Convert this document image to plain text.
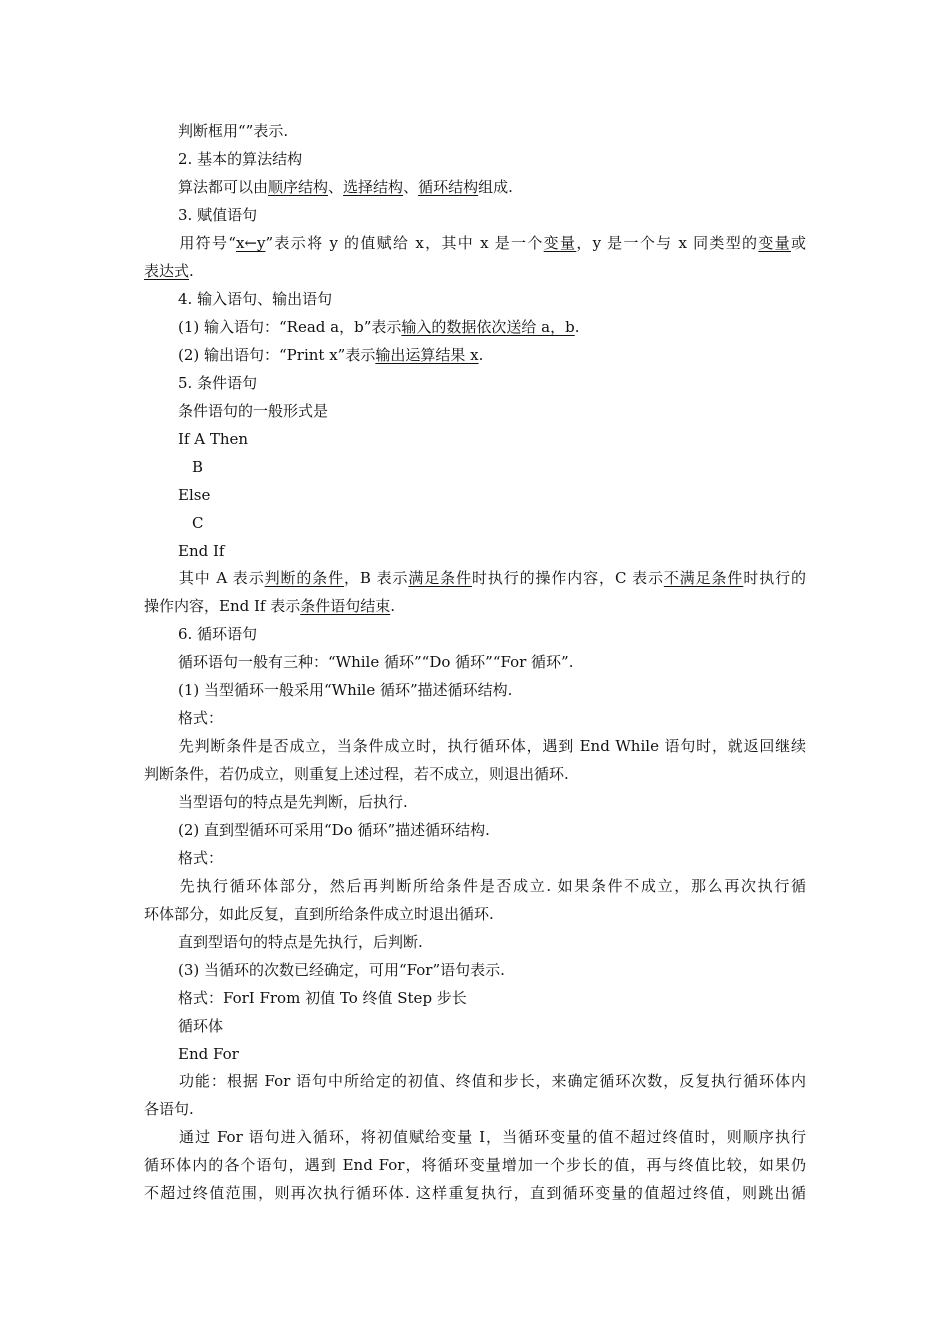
判断框用“”表示.
2. 基本的算法结构
算法都可以由顺序结构、选择结构、循环结构组成.
3. 赋值语句
用符号“x←y”表示将 y 的值赋给 x，其中 x 是一个变量，y 是一个与 x 同类型的变量或
表达式.
4. 输入语句、输出语句
(1) 输入语句：“Read a，b”表示输入的数据依次送给 a，b.
(2) 输出语句：“Print x”表示输出运算结果 x.
5. 条件语句
条件语句的一般形式是
If A Then
B
Else
C
End If
其中 A 表示判断的条件，B 表示满足条件时执行的操作内容，C 表示不满足条件时执行的
操作内容，End If 表示条件语句结束.
6. 循环语句
循环语句一般有三种：“While 循环”“Do 循环”“For 循环”.
(1) 当型循环一般采用“While 循环”描述循环结构.
格式：
先判断条件是否成立，当条件成立时，执行循环体，遇到 End While 语句时，就返回继续
判断条件，若仍成立，则重复上述过程，若不成立，则退出循环.
当型语句的特点是先判断，后执行.
(2) 直到型循环可采用“Do 循环”描述循环结构.
格式：
先执行循环体部分，然后再判断所给条件是否成立. 如果条件不成立，那么再次执行循
环体部分，如此反复，直到所给条件成立时退出循环.
直到型语句的特点是先执行，后判断.
(3) 当循环的次数已经确定，可用“For”语句表示.
格式：ForI From 初值 To 终值 Step 步长
循环体
End For
功能：根据 For 语句中所给定的初值、终值和步长，来确定循环次数，反复执行循环体内
各语句.
通过 For 语句进入循环，将初值赋给变量 I，当循环变量的值不超过终值时，则顺序执行
循环体内的各个语句，遇到 End For，将循环变量增加一个步长的值，再与终值比较，如果仍
不超过终值范围，则再次执行循环体. 这样重复执行，直到循环变量的值超过终值，则跳出循
